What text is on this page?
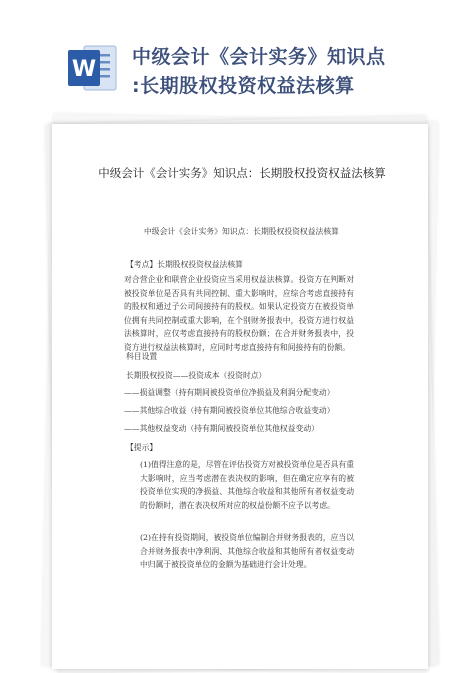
W 中级会计《会计实务》知识点
:长期股权投资权益法核算
中级会计《会计实务》知识点：长期股权投资权益法核算
中级会计《会计实务》知识点：长期股权投资权益法核算
【考点】长期股权投资权益法核算
对合营企业和联营企业投资应当采用权益法核算。投资方在判断对被投资单位是否具有共同控制、重大影响时，应综合考虑直接持有的股权和通过子公司间接持有的股权。如果认定投资方在被投资单位拥有共同控制或重大影响，在个别财务报表中，投资方进行权益法核算时，应仅考虑直接持有的股权份额；在合并财务报表中，投资方进行权益法核算时，应同时考虑直接持有和间接持有的份额。
科目设置
长期股权投资——投资成本（投资时点）
——损益调整（持有期间被投资单位净损益及利润分配变动）
——其他综合收益（持有期间被投资单位其他综合收益变动）
——其他权益变动（持有期间被投资单位其他权益变动）
【提示】
(1)值得注意的是，尽管在评估投资方对被投资单位是否具有重大影响时，应当考虑潜在表决权的影响，但在确定应享有的被投资单位实现的净损益、其他综合收益和其他所有者权益变动的份额时，潜在表决权所对应的权益份额不应予以考虑。
(2)在持有投资期间，被投资单位编制合并财务报表的，应当以合并财务报表中净利润、其他综合收益和其他所有者权益变动中归属于被投资单位的金额为基础进行会计处理。
